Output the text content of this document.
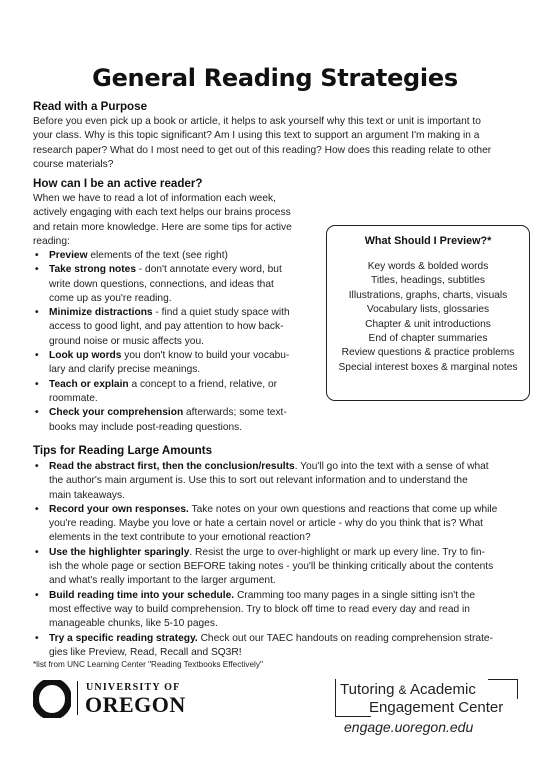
General Reading Strategies
Read with a Purpose

Before you even pick up a book or article, it helps to ask yourself why this text or unit is important to

your class. Why is this topic significant? Am I using this text to support an argument I'm making in a

research paper? What do I most need to get out of this reading? How does this reading relate to other

course materials?

How can I be an active reader?

When we have to read a lot of information each week,

actively engaging with each text helps our brains process

and retain more knowledge. Here are some tips for active

reading:

• Preview elements of the text (see right)
• Take strong notes - don't annotate every word, but
write down questions, connections, and ideas that
come up as you're reading.
• Minimize distractions - find a quiet study space with
access to good light, and pay attention to how back-
ground noise or music affects you.
• Look up words you don't know to build your vocabu-
lary and clarify precise meanings.
• Teach or explain a concept to a friend, relative, or
roommate.
• Check your comprehension afterwards; some text-
books may include post-reading questions.
What Should I Preview?*
Key words & bolded words
Titles, headings, subtitles
Illustrations, graphs, charts, visuals
Vocabulary lists, glossaries
Chapter & unit introductions
End of chapter summaries
Review questions & practice problems
Special interest boxes & marginal notes
Tips for Reading Large Amounts
• Read the abstract first, then the conclusion/results. You'll go into the text with a sense of what
the author's main argument is. Use this to sort out relevant information and to understand the
main takeaways.
• Record your own responses. Take notes on your own questions and reactions that come up while
you're reading. Maybe you love or hate a certain novel or article - why do you think that is? What
elements in the text contribute to your emotional reaction?
• Use the highlighter sparingly. Resist the urge to over-highlight or mark up every line. Try to fin-
ish the whole page or section BEFORE taking notes - you'll be thinking critically about the contents
and what's really important to the larger argument.
• Build reading time into your schedule. Cramming too many pages in a single sitting isn't the
most effective way to build comprehension. Try to block off time to read every day and read in
manageable chunks, like 5-10 pages.
• Try a specific reading strategy. Check out our TAEC handouts on reading comprehension strate-
gies like Preview, Read, Recall and SQ3R!
*list from UNC Learning Center "Reading Textbooks Effectively"
UNIVERSITY OF
OREGON
Tutoring & Academic
Engagement Center
engage.uoregon.edu
